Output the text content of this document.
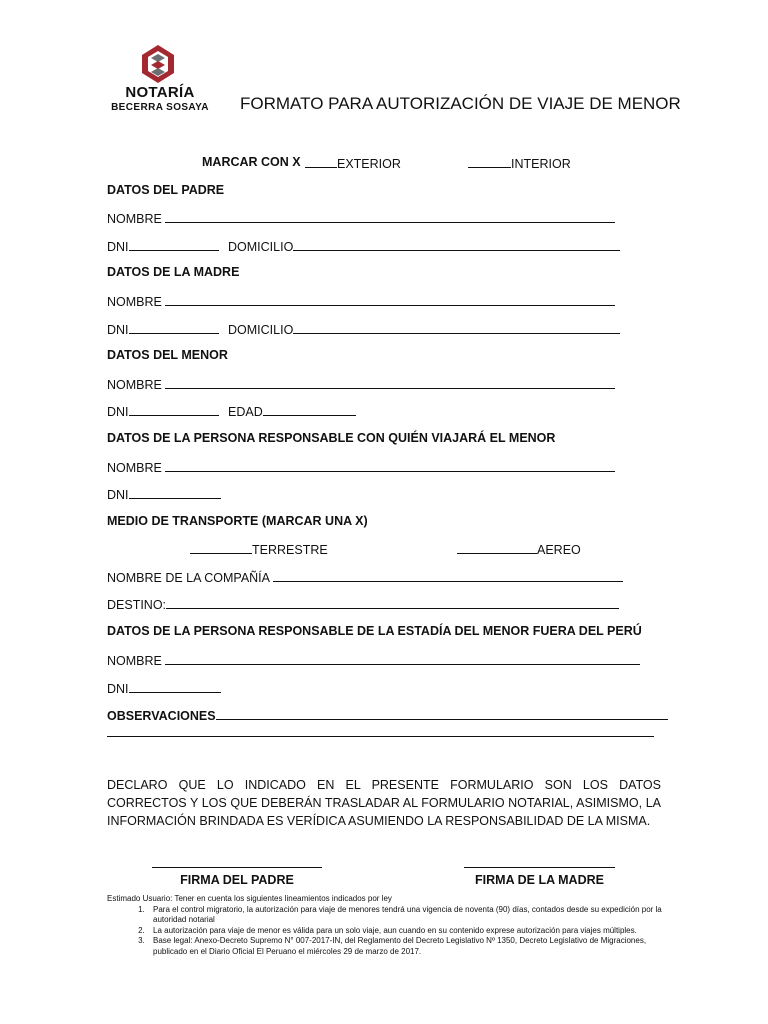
NOTARÍA
BECERRA SOSAYA	FORMATO PARA AUTORIZACIÓN DE VIAJE DE MENOR
MARCAR CON X	EXTERIOR	INTERIOR
DATOS DEL PADRE
NOMBRE
DNI	DOMICILIO
DATOS DE LA MADRE
NOMBRE
DNI	DOMICILIO
DATOS DEL MENOR
NOMBRE
DNI	EDAD
DATOS DE LA PERSONA RESPONSABLE CON QUIÉN VIAJARÁ EL MENOR
NOMBRE
DNI
MEDIO DE TRANSPORTE (MARCAR UNA X)
TERRESTRE	AEREO
NOMBRE DE LA COMPAÑÍA
DESTINO:
DATOS DE LA PERSONA RESPONSABLE DE LA ESTADÍA DEL MENOR FUERA DEL PERÚ
NOMBRE
DNI
OBSERVACIONES
DECLARO QUE LO INDICADO EN EL PRESENTE FORMULARIO SON LOS DATOS CORRECTOS Y LOS QUE DEBERÁN TRASLADAR AL FORMULARIO NOTARIAL, ASIMISMO, LA INFORMACIÓN BRINDADA ES VERÍDICA ASUMIENDO LA RESPONSABILIDAD DE LA MISMA.
FIRMA DEL PADRE	FIRMA DE LA MADRE
Estimado Usuario: Tener en cuenta los siguientes lineamientos indicados por ley
1. Para el control migratorio, la autorización para viaje de menores tendrá una vigencia de noventa (90) días, contados desde su expedición por la autoridad notarial
2. La autorización para viaje de menor es válida para un solo viaje, aun cuando en su contenido exprese autorización para viajes múltiples.
3. Base legal: Anexo-Decreto Supremo N° 007-2017-IN, del Reglamento del Decreto Legislativo Nº 1350, Decreto Legislativo de Migraciones, publicado en el Diario Oficial El Peruano el miércoles 29 de marzo de 2017.
